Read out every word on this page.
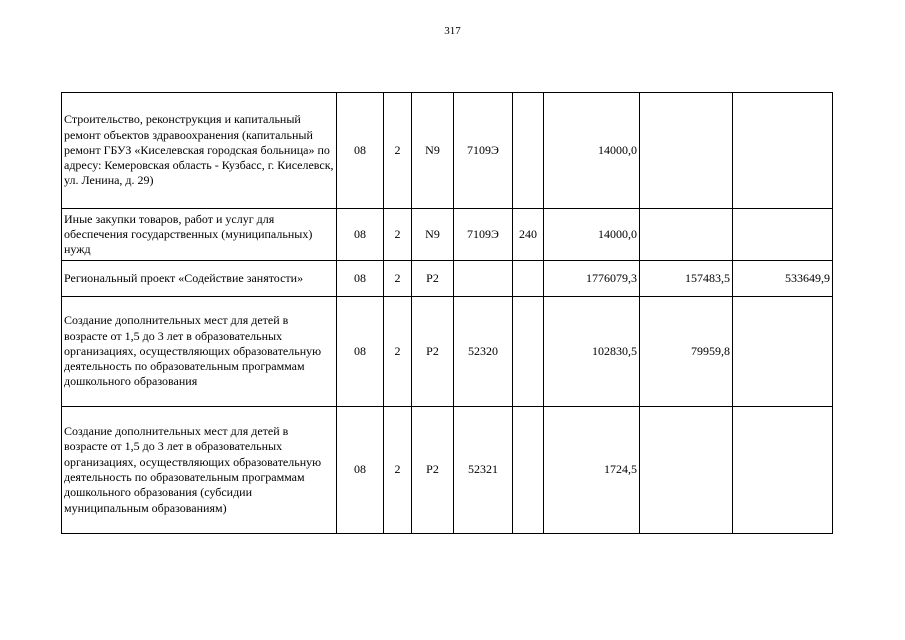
317
Строительство, реконструкция и капитальный ремонт объектов здравоохранения (капитальный ремонт ГБУЗ «Киселевская городская больница» по адресу: Кемеровская область - Кузбасс, г. Киселевск, ул. Ленина, д. 29)	08	2	N9	7109Э		14000,0		
Иные закупки товаров, работ и услуг для обеспечения государственных (муниципальных) нужд	08	2	N9	7109Э	240	14000,0		
Региональный проект «Содействие занятости»	08	2	P2			1776079,3	157483,5	533649,9
Создание дополнительных мест для детей в возрасте от 1,5 до 3 лет в образовательных организациях, осуществляющих образовательную деятельность по образовательным программам дошкольного образования	08	2	P2	52320		102830,5	79959,8	
Создание дополнительных мест для детей в возрасте от 1,5 до 3 лет в образовательных организациях, осуществляющих образовательную деятельность по образовательным программам дошкольного образования (субсидии муниципальным образованиям)	08	2	P2	52321		1724,5		
